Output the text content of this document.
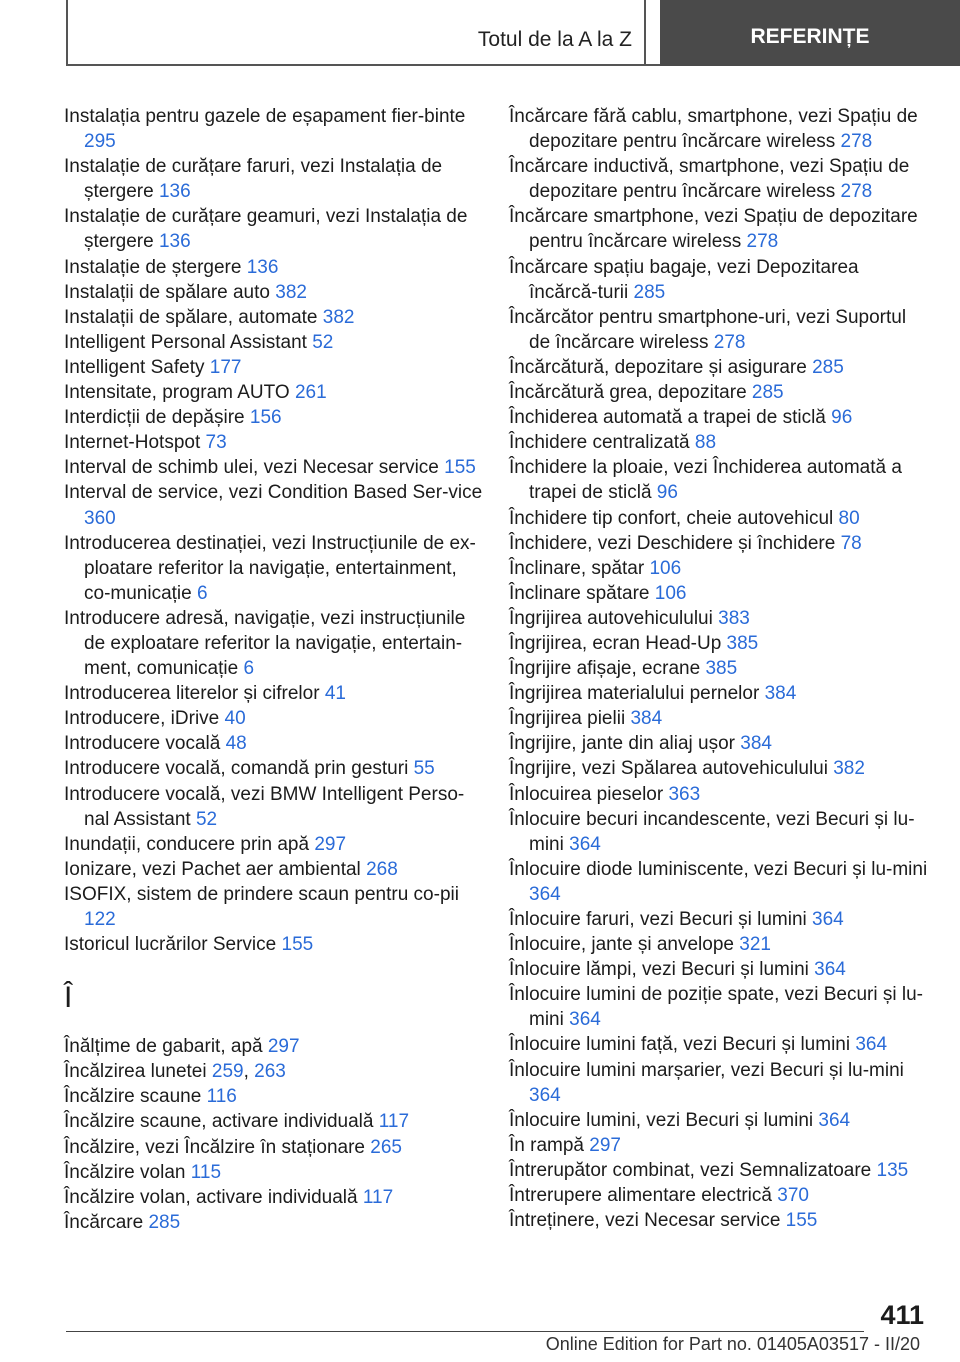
Totul de la A la Z	REFERINȚE
Instalația pentru gazele de eșapament fier-binte 295
Instalație de curățare faruri, vezi Instalația de ștergere 136
Instalație de curățare geamuri, vezi Instalația de ștergere 136
Instalație de ștergere 136
Instalații de spălare auto 382
Instalații de spălare, automate 382
Intelligent Personal Assistant 52
Intelligent Safety 177
Intensitate, program AUTO 261
Interdicții de depășire 156
Internet-Hotspot 73
Interval de schimb ulei, vezi Necesar service 155
Interval de service, vezi Condition Based Ser-vice 360
Introducerea destinației, vezi Instrucțiunile de ex-ploatare referitor la navigație, entertainment, co-municație 6
Introducere adresă, navigație, vezi instrucțiunile de exploatare referitor la navigație, entertain-ment, comunicație 6
Introducerea literelor și cifrelor 41
Introducere, iDrive 40
Introducere vocală 48
Introducere vocală, comandă prin gesturi 55
Introducere vocală, vezi BMW Intelligent Perso-nal Assistant 52
Inundații, conducere prin apă 297
Ionizare, vezi Pachet aer ambiental 268
ISOFIX, sistem de prindere scaun pentru co-pii 122
Istoricul lucrărilor Service 155
Î
Înălțime de gabarit, apă 297
Încălzirea lunetei 259, 263
Încălzire scaune 116
Încălzire scaune, activare individuală 117
Încălzire, vezi Încălzire în staționare 265
Încălzire volan 115
Încălzire volan, activare individuală 117
Încărcare 285
Încărcare fără cablu, smartphone, vezi Spațiu de depozitare pentru încărcare wireless 278
Încărcare inductivă, smartphone, vezi Spațiu de depozitare pentru încărcare wireless 278
Încărcare smartphone, vezi Spațiu de depozitare pentru încărcare wireless 278
Încărcare spațiu bagaje, vezi Depozitarea încărcă-turii 285
Încărcător pentru smartphone-uri, vezi Suportul de încărcare wireless 278
Încărcătură, depozitare și asigurare 285
Încărcătură grea, depozitare 285
Închiderea automată a trapei de sticlă 96
Închidere centralizată 88
Închidere la ploaie, vezi Închiderea automată a trapei de sticlă 96
Închidere tip confort, cheie autovehicul 80
Închidere, vezi Deschidere și închidere 78
Înclinare, spătar 106
Înclinare spătare 106
Îngrijirea autovehiculului 383
Îngrijirea, ecran Head-Up 385
Îngrijire afișaje, ecrane 385
Îngrijirea materialului pernelor 384
Îngrijirea pielii 384
Îngrijire, jante din aliaj ușor 384
Îngrijire, vezi Spălarea autovehiculului 382
Înlocuirea pieselor 363
Înlocuire becuri incandescente, vezi Becuri și lu-mini 364
Înlocuire diode luminiscente, vezi Becuri și lu-mini 364
Înlocuire faruri, vezi Becuri și lumini 364
Înlocuire, jante și anvelope 321
Înlocuire lămpi, vezi Becuri și lumini 364
Înlocuire lumini de poziție spate, vezi Becuri și lu-mini 364
Înlocuire lumini față, vezi Becuri și lumini 364
Înlocuire lumini marșarier, vezi Becuri și lu-mini 364
Înlocuire lumini, vezi Becuri și lumini 364
În rampă 297
Întrerupător combinat, vezi Semnalizatoare 135
Întrerupere alimentare electrică 370
Întreținere, vezi Necesar service 155
411
Online Edition for Part no. 01405A03517 - II/20
